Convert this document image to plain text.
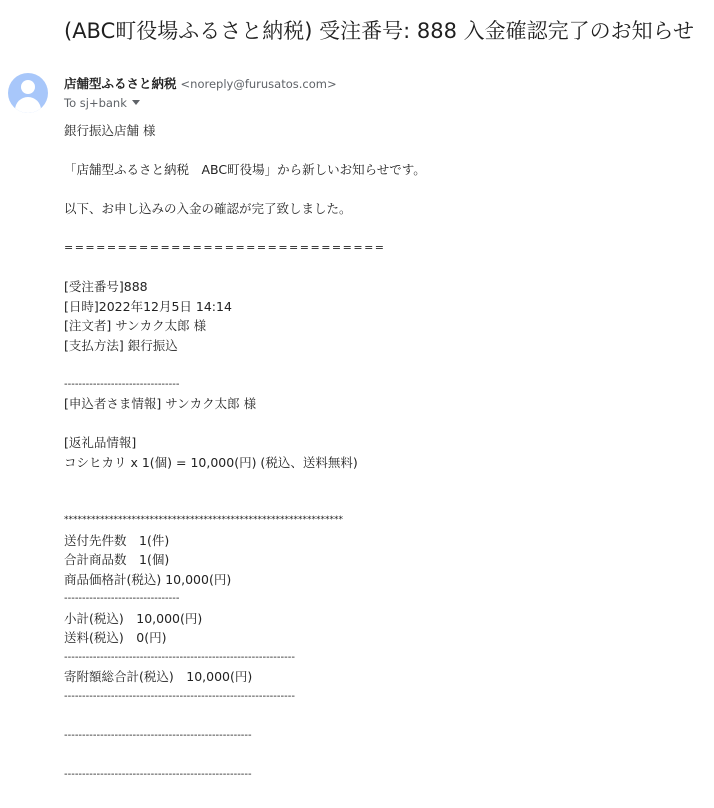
(ABC町役場ふるさと納税) 受注番号: 888 入金確認完了のお知らせ
店舗型ふるさと納税 <noreply@furusatos.com>
To sj+bank
銀行振込店舗 様
「店舗型ふるさと納税　ABC町役場」から新しいお知らせです。
以下、お申し込みの入金の確認が完了致しました。
==============================
[受注番号]888
[日時]2022年12月5日 14:14
[注文者] サンカク太郎 様
[支払方法] 銀行振込
--------------------------------
[申込者さま情報] サンカク太郎 様
[返礼品情報]
コシヒカリ x 1(個) = 10,000(円) (税込、送料無料)
**************************************************************
送付先件数　1(件)
合計商品数　1(個)
商品価格計(税込) 10,000(円)
--------------------------------
小計(税込)　10,000(円)
送料(税込)　0(円)
----------------------------------------------------------------
寄附額総合計(税込)　10,000(円)
----------------------------------------------------------------
----------------------------------------------------
----------------------------------------------------
